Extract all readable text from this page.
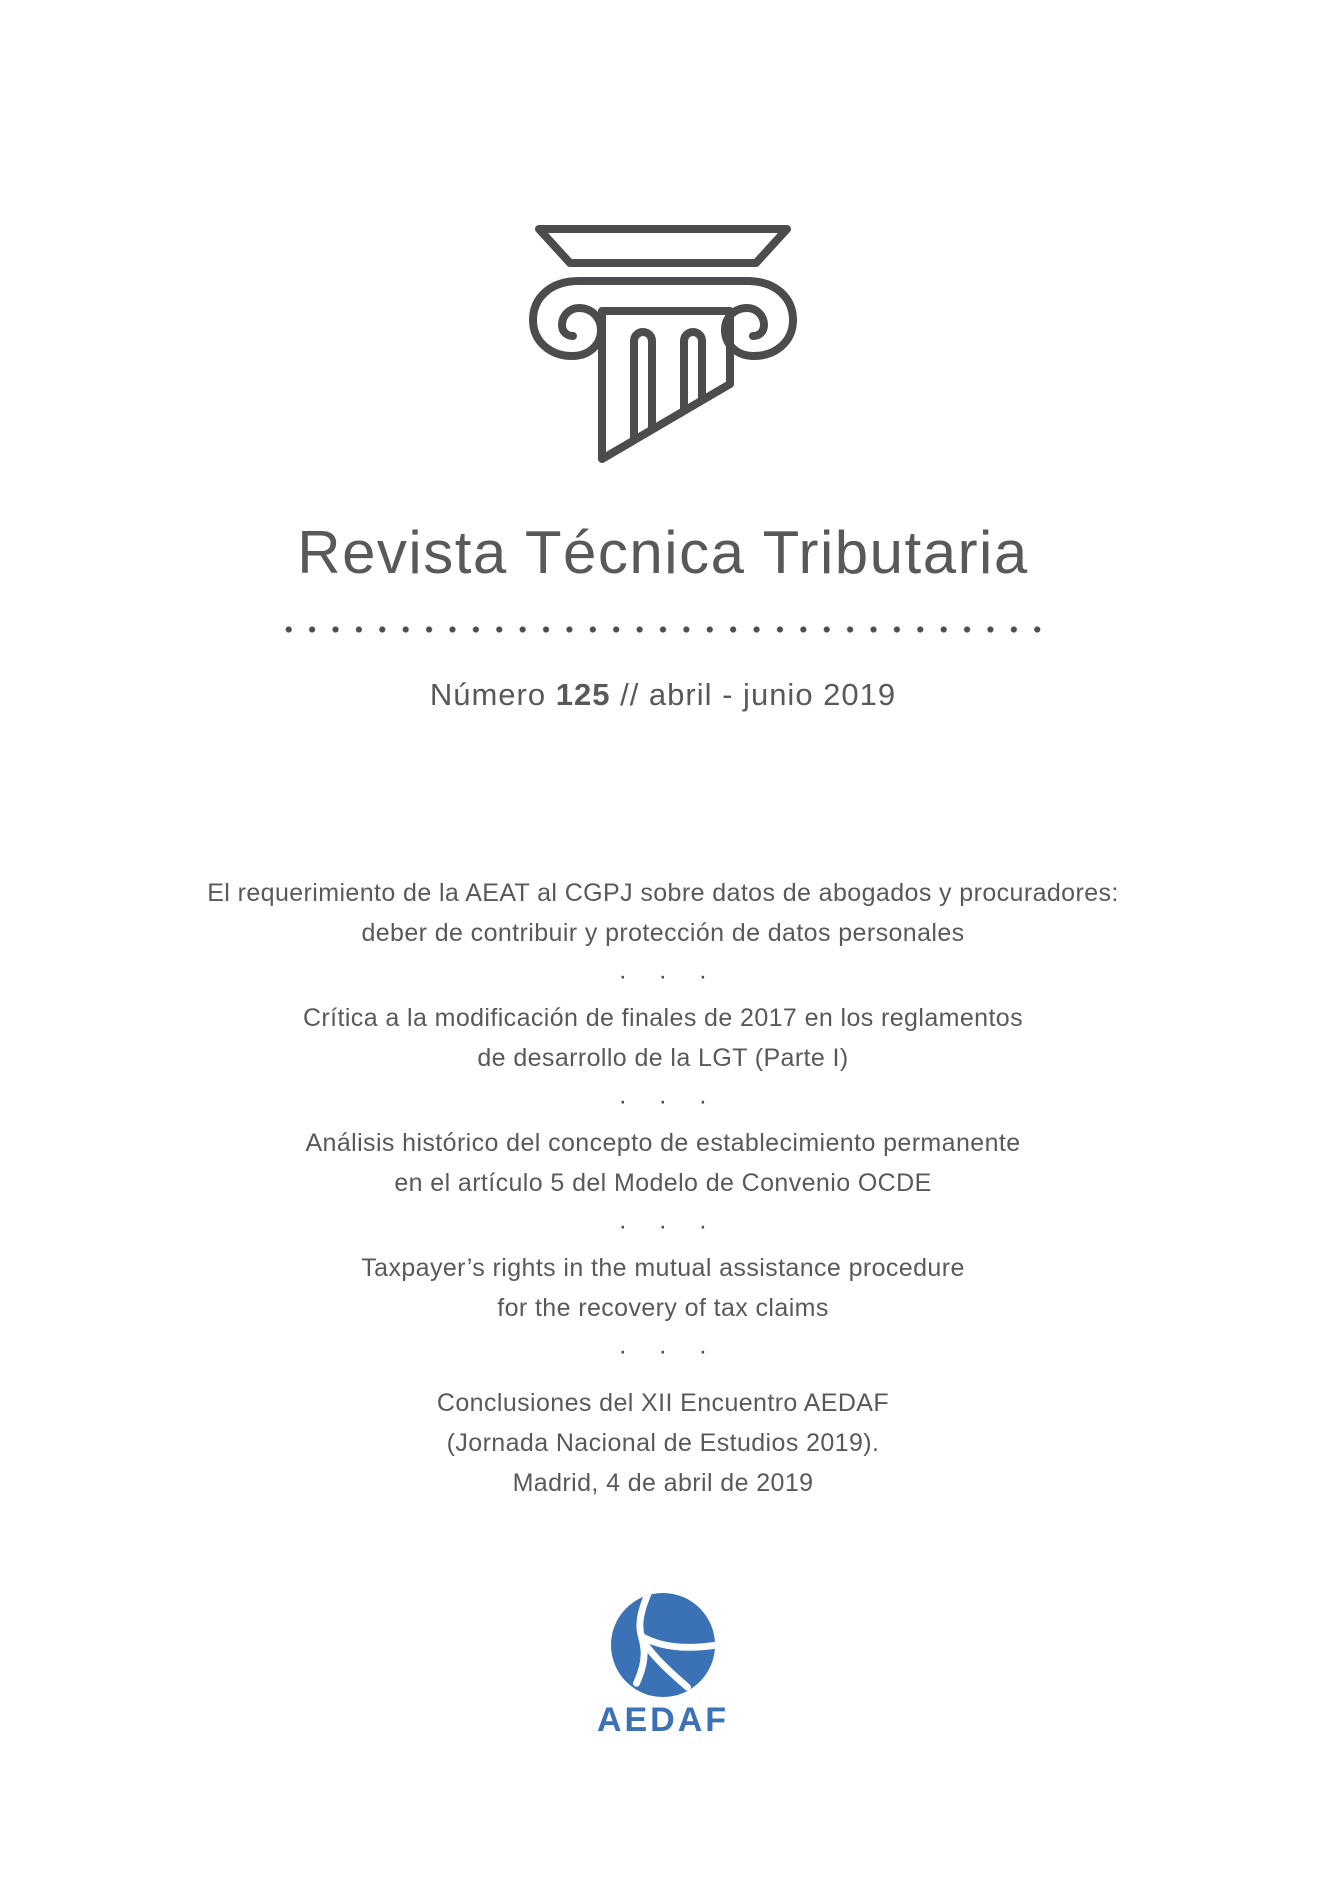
Revista Técnica Tributaria
Número 125 // abril - junio 2019
El requerimiento de la AEAT al CGPJ sobre datos de abogados y procuradores:
deber de contribuir y protección de datos personales
· · ·
Crítica a la modificación de finales de 2017 en los reglamentos
de desarrollo de la LGT (Parte I)
· · ·
Análisis histórico del concepto de establecimiento permanente
en el artículo 5 del Modelo de Convenio OCDE
· · ·
Taxpayer’s rights in the mutual assistance procedure
for the recovery of tax claims
· · ·
Conclusiones del XII Encuentro AEDAF
(Jornada Nacional de Estudios 2019).
Madrid, 4 de abril de 2019
AEDAF
